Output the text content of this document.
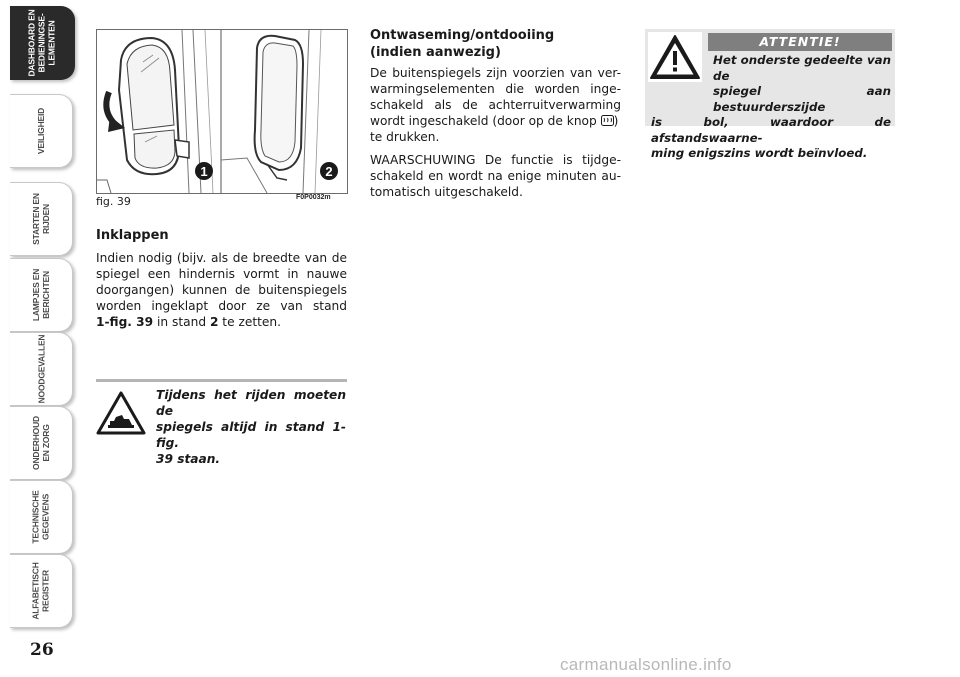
DASHBOARD EN
BEDIENINGSE-
LEMENTEN
VEILIGHEID
STARTEN EN
RIJDEN
LAMPJES EN
BERICHTEN
NOODGEVALLEN
ONDERHOUD
EN ZORG
TECHNISCHE
GEGEVENS
ALFABETISCH
REGISTER
26
1	2
fig. 39	F0P0032m
Inklappen
Indien nodig (bijv. als de breedte van de
spiegel een hindernis vormt in nauwe
doorgangen) kunnen de buitenspiegels
worden ingeklapt door ze van stand
1-fig. 39 in stand 2 te zetten.
Tijdens het rijden moeten de
spiegels altijd in stand 1-fig.
39 staan.
Ontwaseming/ontdooiing
(indien aanwezig)
De buitenspiegels zijn voorzien van ver-
warmingselementen die worden inge-
schakeld als de achterruitverwarming
wordt ingeschakeld (door op de knop )
te drukken.
WAARSCHUWING De functie is tijdge-
schakeld en wordt na enige minuten au-
tomatisch uitgeschakeld.
ATTENTIE!
Het onderste gedeelte van de
spiegel aan bestuurderszijde
is bol, waardoor de afstandswaarne-
ming enigszins wordt beïnvloed.
carmanualsonline.info
